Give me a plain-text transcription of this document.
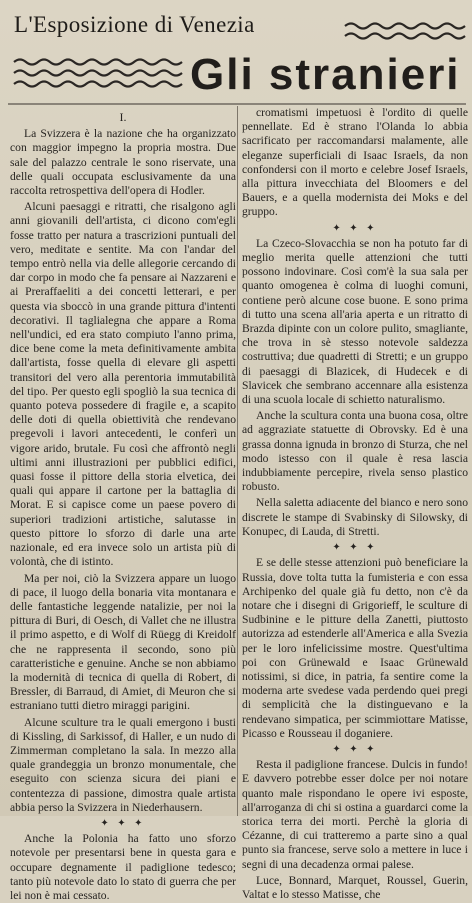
L'Esposizione di Venezia
Gli stranieri
I.

La Svizzera è la nazione che ha organizzato con maggior impegno la propria mostra. Due sale del palazzo centrale le sono riservate, una delle quali occupata esclusivamente da una raccolta retrospettiva dell'opera di Hodler.

Alcuni paesaggi e ritratti, che risalgono agli anni giovanili dell'artista, ci dicono com'egli fosse tratto per natura a trascrizioni puntuali del vero, meditate e sentite. Ma con l'andar del tempo entrò nella via delle allegorie cercando di dar corpo in modo che fa pensare ai Nazzareni e ai Preraffaeliti a dei concetti letterari, e per questa via sboccò in una grande pittura d'intenti decorativi. Il taglialegna che appare a Roma nell'undici, ed era stato compiuto l'anno prima, dice bene come la meta definitivamente ambita dall'artista, fosse quella di elevare gli aspetti transitori del vero alla perentoria immutabilità del tipo. Per questo egli spogliò la sua tecnica di quanto poteva possedere di fragile e, a scapito delle doti di quella obiettività che rendevano pregevoli i lavori antecedenti, le conferì un vigore arido, brutale. Fu così che affrontò negli ultimi anni illustrazioni per pubblici edifici, quasi fosse il pittore della storia elvetica, dei quali qui appare il cartone per la battaglia di Morat. E si capisce come un paese povero di superiori tradizioni artistiche, salutasse in questo pittore lo sforzo di darle una arte nazionale, ed era invece solo un artista più di volontà, che di istinto.

Ma per noi, ciò la Svizzera appare un luogo di pace, il luogo della bonaria vita montanara e delle fantastiche leggende natalizie, per noi la pittura di Buri, di Oesch, di Vallet che ne illustra il primo aspetto, e di Wolf di Rüegg di Kreidolf che ne rappresenta il secondo, sono più caratteristiche e genuine. Anche se non abbiamo la modernità di tecnica di quella di Robert, di Bressler, di Barraud, di Amiet, di Meuron che si estraniano tutti dietro miraggi parigini.

Alcune sculture tra le quali emergono i busti di Kissling, di Sarkissof, di Haller, e un nudo di Zimmerman completano la sala. In mezzo alla quale grandeggia un bronzo monumentale, che eseguito con scienza sicura dei piani e contentezza di passione, dimostra quale artista abbia perso la Svizzera in Niederhausern.

✦ ✦ ✦

Anche la Polonia ha fatto uno sforzo notevole per presentarsi bene in questa gara e occupare degnamente il padiglione tedesco; tanto più notevole dato lo stato di guerra che per lei non è mai cessato.

cromatismi impetuosi è l'ordito di quelle pennellate. Ed è strano l'Olanda lo abbia sacrificato per raccomandarsi malamente, alle eleganze superficiali di Isaac Israels, da non confondersi con il morto e celebre Josef Israels, alla pittura invecchiata del Bloomers e del Bauers, e a quella modernista dei Moks e del gruppo.

✦ ✦ ✦

La Czeco-Slovacchia se non ha potuto far di meglio merita quelle attenzioni che tutti possono indovinare. Così com'è la sua sala per quanto omogenea è colma di luoghi comuni, contiene però alcune cose buone. E sono prima di tutto una scena all'aria aperta e un ritratto di Brazda dipinte con un colore pulito, smagliante, che trova in sè stesso notevole saldezza costruttiva; due quadretti di Stretti; e un gruppo di paesaggi di Blazicek, di Hudecek e di Slavicek che sembrano accennare alla esistenza di una scuola locale di schietto naturalismo.

Anche la scultura conta una buona cosa, oltre ad aggraziate statuette di Obrovsky. Ed è una grassa donna ignuda in bronzo di Sturza, che nel modo istesso con il quale è resa lascia indubbiamente percepire, rivela senso plastico robusto.

Nella saletta adiacente del bianco e nero sono discrete le stampe di Svabinsky di Silowsky, di Konupec, di Lauda, di Stretti.

✦ ✦ ✦

E se delle stesse attenzioni può beneficiare la Russia, dove tolta tutta la fumisteria e con essa Archipenko del quale già fu detto, non c'è da notare che i disegni di Grigorieff, le sculture di Sudbinine e le pitture della Zanetti, piuttosto autorizza ad estenderle all'America e alla Svezia per le loro infelicissime mostre. Quest'ultima poi con Grünewald e Isaac Grünewald notissimi, si dice, in patria, fa sentire come la moderna arte svedese vada perdendo quei pregi di semplicità che la distinguevano e la rendevano simpatica, per scimmiottare Matisse, Picasso e Rousseau il doganiere.

✦ ✦ ✦

Resta il padiglione francese. Dulcis in fundo! E davvero potrebbe esser dolce per noi notare quanto male rispondano le opere ivi esposte, all'arroganza di chi si ostina a guardarci come la storica terra dei morti. Perchè la gloria di Cézanne, di cui tratteremo a parte sino a qual punto sia francese, serve solo a mettere in luce i segni di una decadenza ormai palese.

Luce, Bonnard, Marquet, Roussel, Guerin, Valtat e lo stesso Matisse, che
